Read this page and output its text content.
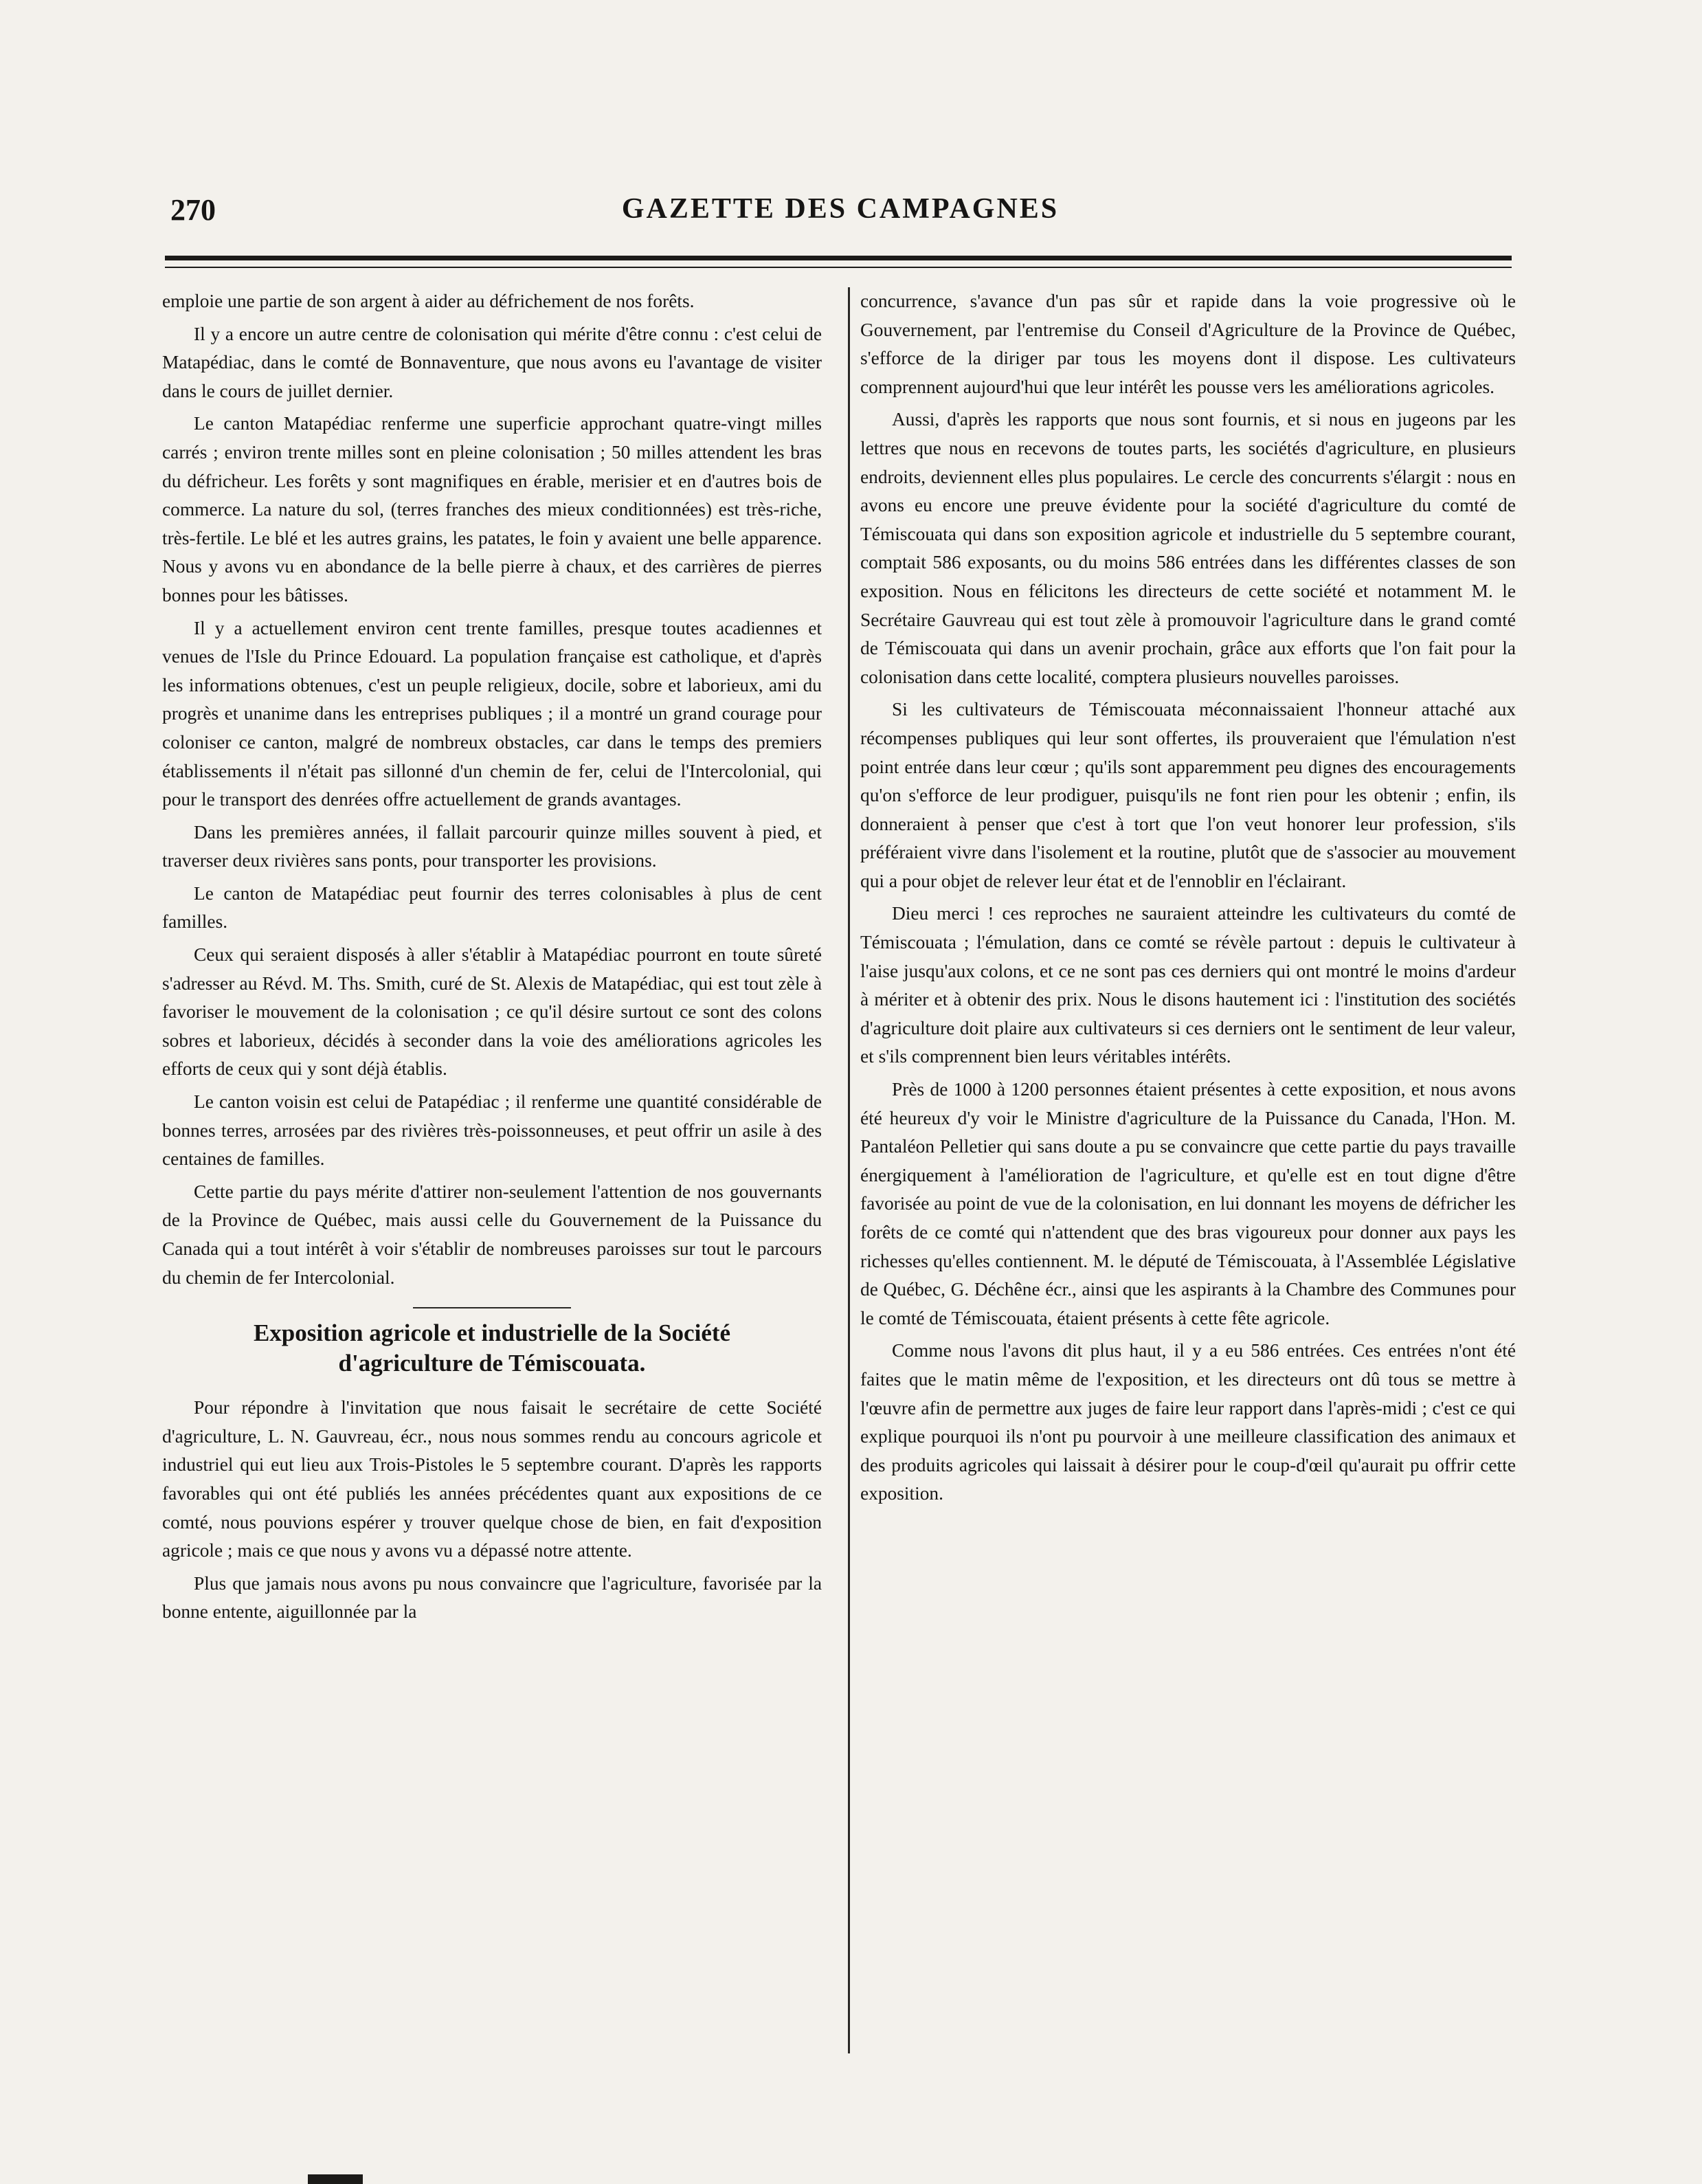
270	GAZETTE DES CAMPAGNES

emploie une partie de son argent à aider au défrichement de nos forêts.

Il y a encore un autre centre de colonisation qui mérite d'être connu : c'est celui de Matapédiac, dans le comté de Bonnaventure, que nous avons eu l'avantage de visiter dans le cours de juillet dernier.

Le canton Matapédiac renferme une superficie approchant quatre-vingt milles carrés ; environ trente milles sont en pleine colonisation ; 50 milles attendent les bras du défricheur. Les forêts y sont magnifiques en érable, merisier et en d'autres bois de commerce. La nature du sol, (terres franches des mieux conditionnées) est très-riche, très-fertile. Le blé et les autres grains, les patates, le foin y avaient une belle apparence. Nous y avons vu en abondance de la belle pierre à chaux, et des carrières de pierres bonnes pour les bâtisses.

Il y a actuellement environ cent trente familles, presque toutes acadiennes et venues de l'Isle du Prince Edouard. La population française est catholique, et d'après les informations obtenues, c'est un peuple religieux, docile, sobre et laborieux, ami du progrès et unanime dans les entreprises publiques ; il a montré un grand courage pour coloniser ce canton, malgré de nombreux obstacles, car dans le temps des premiers établissements il n'était pas sillonné d'un chemin de fer, celui de l'Intercolonial, qui pour le transport des denrées offre actuellement de grands avantages.

Dans les premières années, il fallait parcourir quinze milles souvent à pied, et traverser deux rivières sans ponts, pour transporter les provisions.

Le canton de Matapédiac peut fournir des terres colonisables à plus de cent familles.

Ceux qui seraient disposés à aller s'établir à Matapédiac pourront en toute sûreté s'adresser au Révd. M. Ths. Smith, curé de St. Alexis de Matapédiac, qui est tout zèle à favoriser le mouvement de la colonisation ; ce qu'il désire surtout ce sont des colons sobres et laborieux, décidés à seconder dans la voie des améliorations agricoles les efforts de ceux qui y sont déjà établis.

Le canton voisin est celui de Patapédiac ; il renferme une quantité considérable de bonnes terres, arrosées par des rivières très-poissonneuses, et peut offrir un asile à des centaines de familles.

Cette partie du pays mérite d'attirer non-seulement l'attention de nos gouvernants de la Province de Québec, mais aussi celle du Gouvernement de la Puissance du Canada qui a tout intérêt à voir s'établir de nombreuses paroisses sur tout le parcours du chemin de fer Intercolonial.

Exposition agricole et industrielle de la Société
d'agriculture de Témiscouata.

Pour répondre à l'invitation que nous faisait le secrétaire de cette Société d'agriculture, L. N. Gauvreau, écr., nous nous sommes rendu au concours agricole et industriel qui eut lieu aux Trois-Pistoles le 5 septembre courant. D'après les rapports favorables qui ont été publiés les années précédentes quant aux expositions de ce comté, nous pouvions espérer y trouver quelque chose de bien, en fait d'exposition agricole ; mais ce que nous y avons vu a dépassé notre attente.

Plus que jamais nous avons pu nous convaincre que l'agriculture, favorisée par la bonne entente, aiguillonnée par la

concurrence, s'avance d'un pas sûr et rapide dans la voie progressive où le Gouvernement, par l'entremise du Conseil d'Agriculture de la Province de Québec, s'efforce de la diriger par tous les moyens dont il dispose. Les cultivateurs comprennent aujourd'hui que leur intérêt les pousse vers les améliorations agricoles.

Aussi, d'après les rapports que nous sont fournis, et si nous en jugeons par les lettres que nous en recevons de toutes parts, les sociétés d'agriculture, en plusieurs endroits, deviennent elles plus populaires. Le cercle des concurrents s'élargit : nous en avons eu encore une preuve évidente pour la société d'agriculture du comté de Témiscouata qui dans son exposition agricole et industrielle du 5 septembre courant, comptait 586 exposants, ou du moins 586 entrées dans les différentes classes de son exposition. Nous en félicitons les directeurs de cette société et notamment M. le Secrétaire Gauvreau qui est tout zèle à promouvoir l'agriculture dans le grand comté de Témiscouata qui dans un avenir prochain, grâce aux efforts que l'on fait pour la colonisation dans cette localité, comptera plusieurs nouvelles paroisses.

Si les cultivateurs de Témiscouata méconnaissaient l'honneur attaché aux récompenses publiques qui leur sont offertes, ils prouveraient que l'émulation n'est point entrée dans leur cœur ; qu'ils sont apparemment peu dignes des encouragements qu'on s'efforce de leur prodiguer, puisqu'ils ne font rien pour les obtenir ; enfin, ils donneraient à penser que c'est à tort que l'on veut honorer leur profession, s'ils préféraient vivre dans l'isolement et la routine, plutôt que de s'associer au mouvement qui a pour objet de relever leur état et de l'ennoblir en l'éclairant.

Dieu merci ! ces reproches ne sauraient atteindre les cultivateurs du comté de Témiscouata ; l'émulation, dans ce comté se révèle partout : depuis le cultivateur à l'aise jusqu'aux colons, et ce ne sont pas ces derniers qui ont montré le moins d'ardeur à mériter et à obtenir des prix. Nous le disons hautement ici : l'institution des sociétés d'agriculture doit plaire aux cultivateurs si ces derniers ont le sentiment de leur valeur, et s'ils comprennent bien leurs véritables intérêts.

Près de 1000 à 1200 personnes étaient présentes à cette exposition, et nous avons été heureux d'y voir le Ministre d'agriculture de la Puissance du Canada, l'Hon. M. Pantaléon Pelletier qui sans doute a pu se convaincre que cette partie du pays travaille énergiquement à l'amélioration de l'agriculture, et qu'elle est en tout digne d'être favorisée au point de vue de la colonisation, en lui donnant les moyens de défricher les forêts de ce comté qui n'attendent que des bras vigoureux pour donner aux pays les richesses qu'elles contiennent. M. le député de Témiscouata, à l'Assemblée Législative de Québec, G. Déchêne écr., ainsi que les aspirants à la Chambre des Communes pour le comté de Témiscouata, étaient présents à cette fête agricole.

Comme nous l'avons dit plus haut, il y a eu 586 entrées. Ces entrées n'ont été faites que le matin même de l'exposition, et les directeurs ont dû tous se mettre à l'œuvre afin de permettre aux juges de faire leur rapport dans l'après-midi ; c'est ce qui explique pourquoi ils n'ont pu pourvoir à une meilleure classification des animaux et des produits agricoles qui laissait à désirer pour le coup-d'œil qu'aurait pu offrir cette exposition.
